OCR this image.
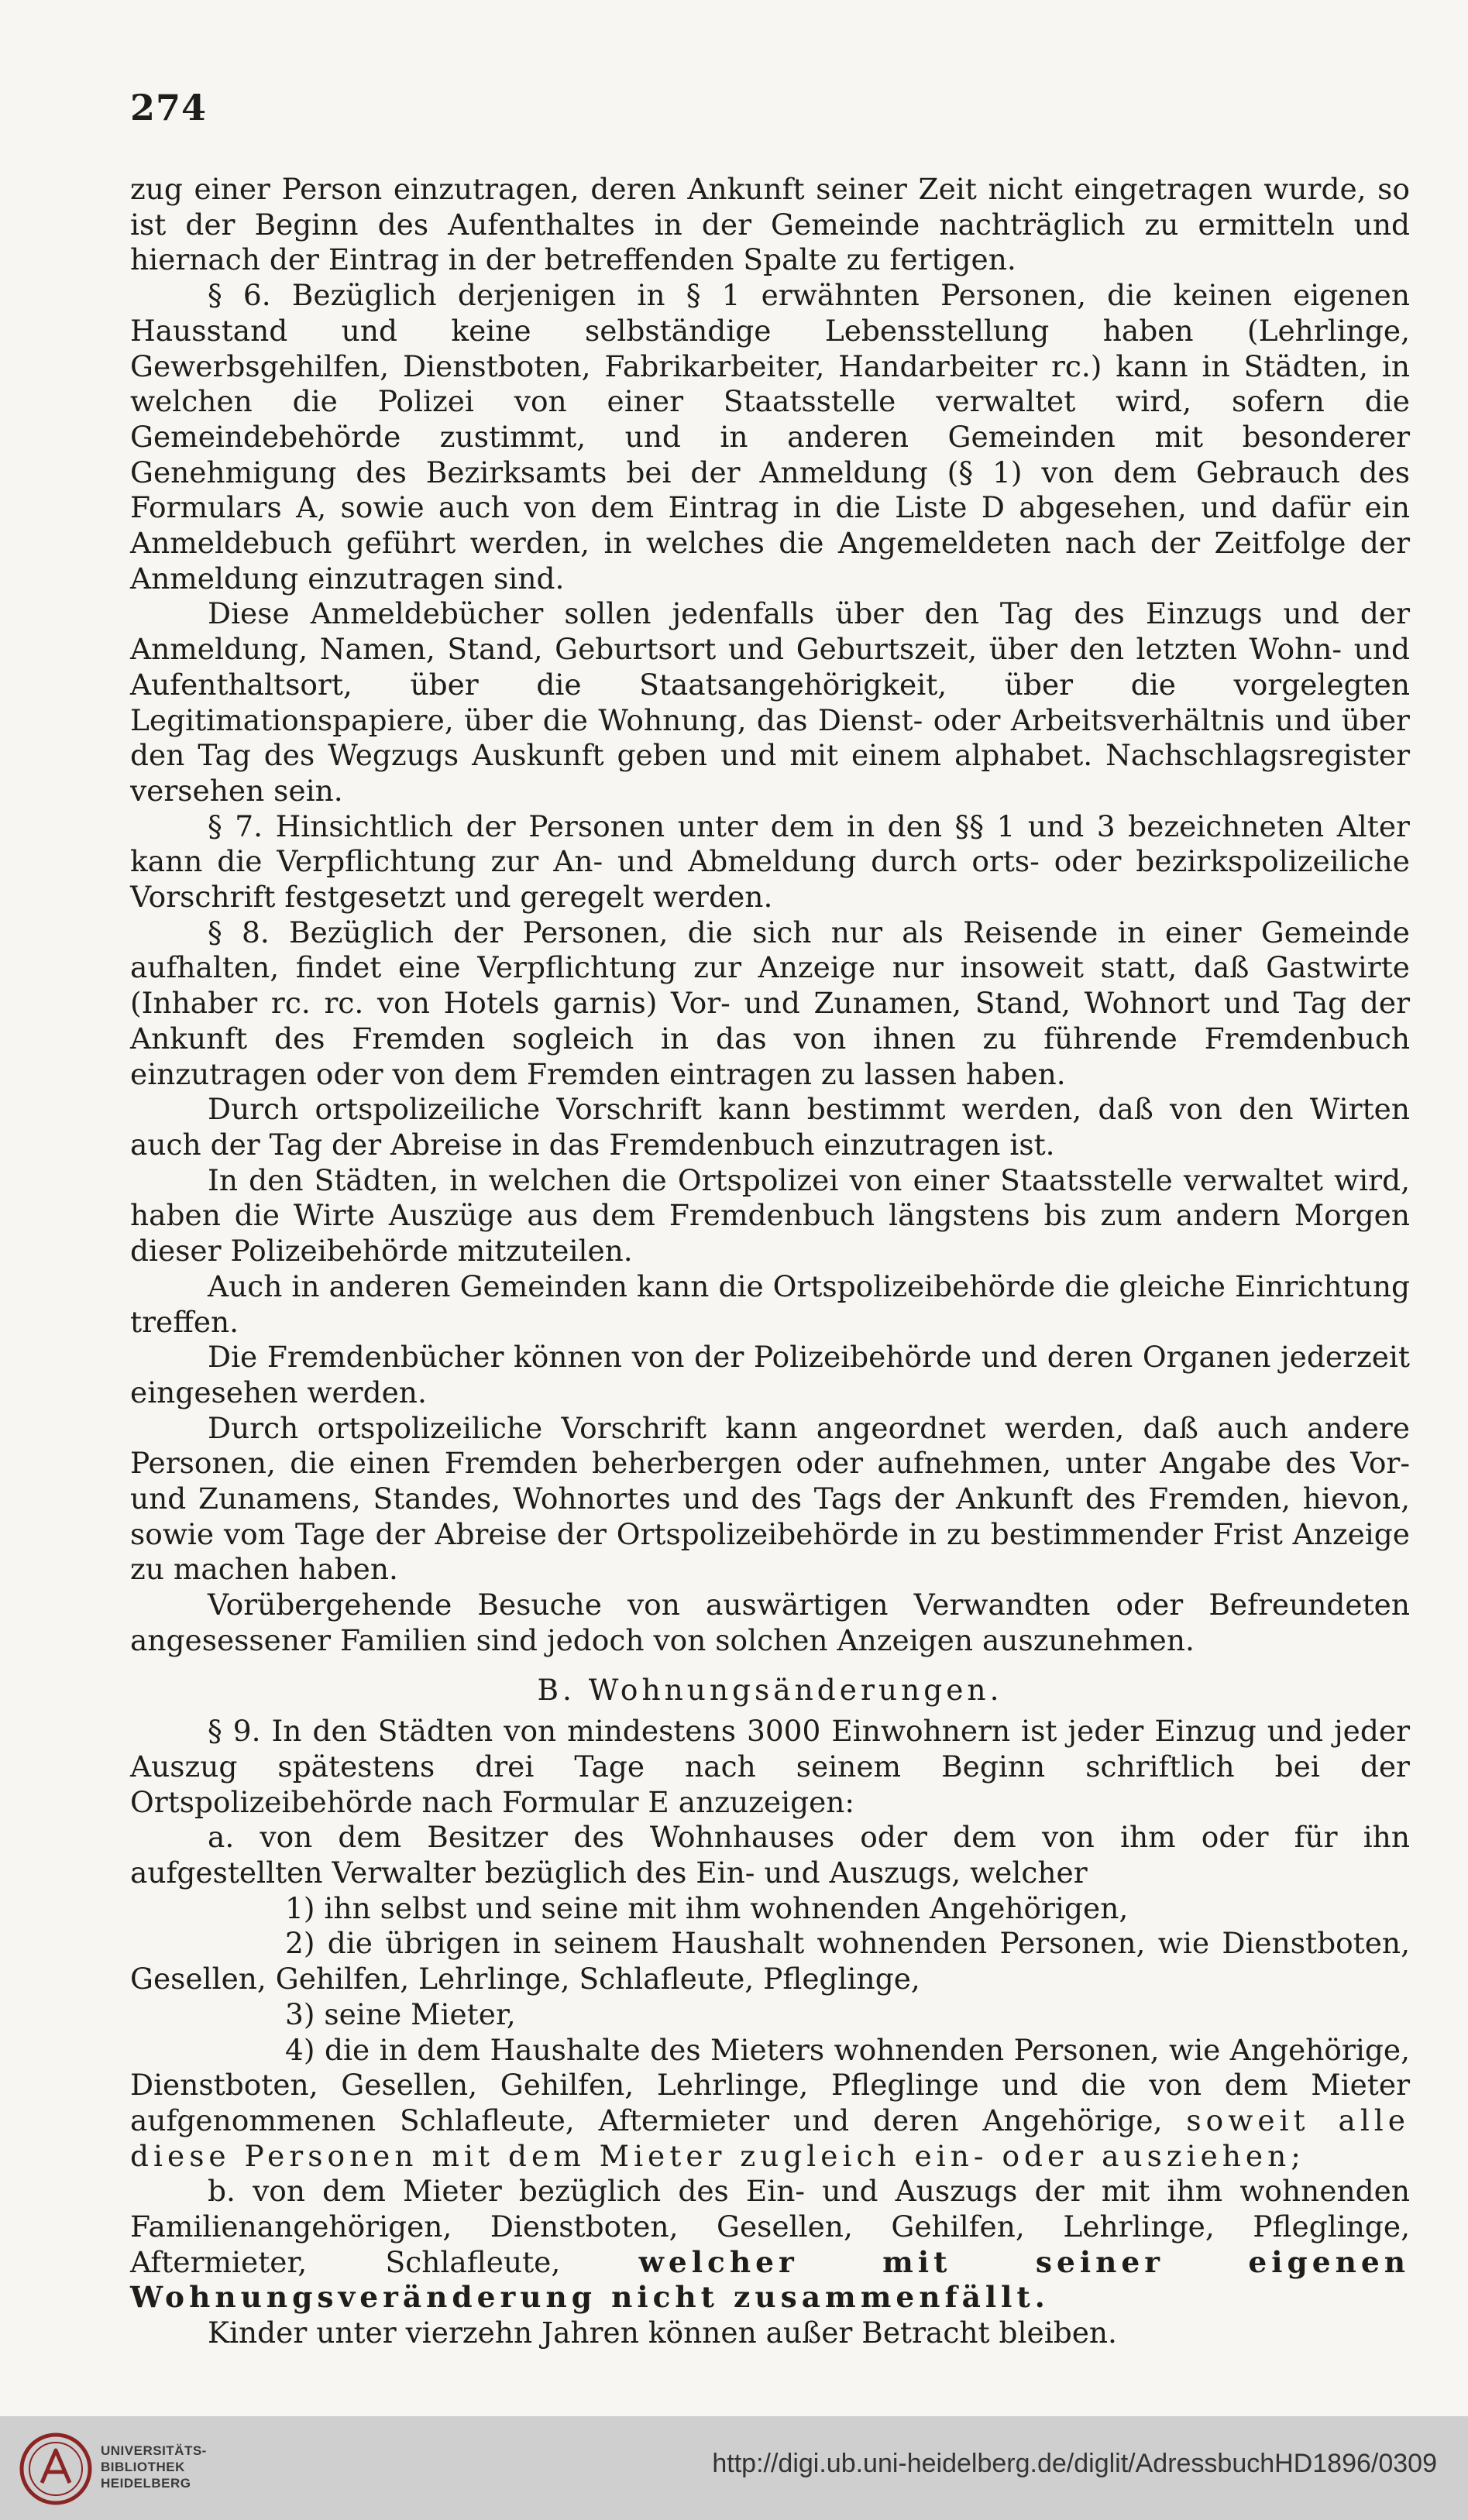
274

zug einer Person einzutragen, deren Ankunft seiner Zeit nicht eingetragen wurde, so ist der Beginn des Aufenthaltes in der Gemeinde nachträglich zu ermitteln und hiernach der Eintrag in der betreffenden Spalte zu fertigen.

§ 6. Bezüglich derjenigen in § 1 erwähnten Personen, die keinen eigenen Hausstand und keine selbständige Lebensstellung haben (Lehrlinge, Gewerbsgehilfen, Dienstboten, Fabrikarbeiter, Handarbeiter rc.) kann in Städten, in welchen die Polizei von einer Staatsstelle verwaltet wird, sofern die Gemeindebehörde zustimmt, und in anderen Gemeinden mit besonderer Genehmigung des Bezirksamts bei der Anmeldung (§ 1) von dem Gebrauch des Formulars A, sowie auch von dem Eintrag in die Liste D abgesehen, und dafür ein Anmeldebuch geführt werden, in welches die Angemeldeten nach der Zeitfolge der Anmeldung einzutragen sind.

Diese Anmeldebücher sollen jedenfalls über den Tag des Einzugs und der Anmeldung, Namen, Stand, Geburtsort und Geburtszeit, über den letzten Wohn- und Aufenthaltsort, über die Staatsangehörigkeit, über die vorgelegten Legitimationspapiere, über die Wohnung, das Dienst- oder Arbeitsverhältnis und über den Tag des Wegzugs Auskunft geben und mit einem alphabet. Nachschlagsregister versehen sein.

§ 7. Hinsichtlich der Personen unter dem in den §§ 1 und 3 bezeichneten Alter kann die Verpflichtung zur An- und Abmeldung durch orts- oder bezirkspolizeiliche Vorschrift festgesetzt und geregelt werden.

§ 8. Bezüglich der Personen, die sich nur als Reisende in einer Gemeinde aufhalten, findet eine Verpflichtung zur Anzeige nur insoweit statt, daß Gastwirte (Inhaber rc. rc. von Hotels garnis) Vor- und Zunamen, Stand, Wohnort und Tag der Ankunft des Fremden sogleich in das von ihnen zu führende Fremdenbuch einzutragen oder von dem Fremden eintragen zu lassen haben.

Durch ortspolizeiliche Vorschrift kann bestimmt werden, daß von den Wirten auch der Tag der Abreise in das Fremdenbuch einzutragen ist.

In den Städten, in welchen die Ortspolizei von einer Staatsstelle verwaltet wird, haben die Wirte Auszüge aus dem Fremdenbuch längstens bis zum andern Morgen dieser Polizeibehörde mitzuteilen.

Auch in anderen Gemeinden kann die Ortspolizeibehörde die gleiche Einrichtung treffen.

Die Fremdenbücher können von der Polizeibehörde und deren Organen jederzeit eingesehen werden.

Durch ortspolizeiliche Vorschrift kann angeordnet werden, daß auch andere Personen, die einen Fremden beherbergen oder aufnehmen, unter Angabe des Vor- und Zunamens, Standes, Wohnortes und des Tags der Ankunft des Fremden, hievon, sowie vom Tage der Abreise der Ortspolizeibehörde in zu bestimmender Frist Anzeige zu machen haben.

Vorübergehende Besuche von auswärtigen Verwandten oder Befreundeten angesessener Familien sind jedoch von solchen Anzeigen auszunehmen.

B. Wohnungsänderungen.

§ 9. In den Städten von mindestens 3000 Einwohnern ist jeder Einzug und jeder Auszug spätestens drei Tage nach seinem Beginn schriftlich bei der Ortspolizeibehörde nach Formular E anzuzeigen:

a. von dem Besitzer des Wohnhauses oder dem von ihm oder für ihn aufgestellten Verwalter bezüglich des Ein- und Auszugs, welcher

1) ihn selbst und seine mit ihm wohnenden Angehörigen,

2) die übrigen in seinem Haushalt wohnenden Personen, wie Dienstboten, Gesellen, Gehilfen, Lehrlinge, Schlafleute, Pfleglinge,

3) seine Mieter,

4) die in dem Haushalte des Mieters wohnenden Personen, wie Angehörige, Dienstboten, Gesellen, Gehilfen, Lehrlinge, Pfleglinge und die von dem Mieter aufgenommenen Schlafleute, Aftermieter und deren Angehörige, soweit alle diese Personen mit dem Mieter zugleich ein- oder ausziehen;

b. von dem Mieter bezüglich des Ein- und Auszugs der mit ihm wohnenden Familienangehörigen, Dienstboten, Gesellen, Gehilfen, Lehrlinge, Pfleglinge, Aftermieter, Schlafleute,	welcher mit seiner eigenen Wohnungsveränderung nicht zusammenfällt.

Kinder unter vierzehn Jahren können außer Betracht bleiben.

UNIVERSITÄTS-
BIBLIOTHEK
HEIDELBERG
http://digi.ub.uni-heidelberg.de/diglit/AdressbuchHD1896/0309
